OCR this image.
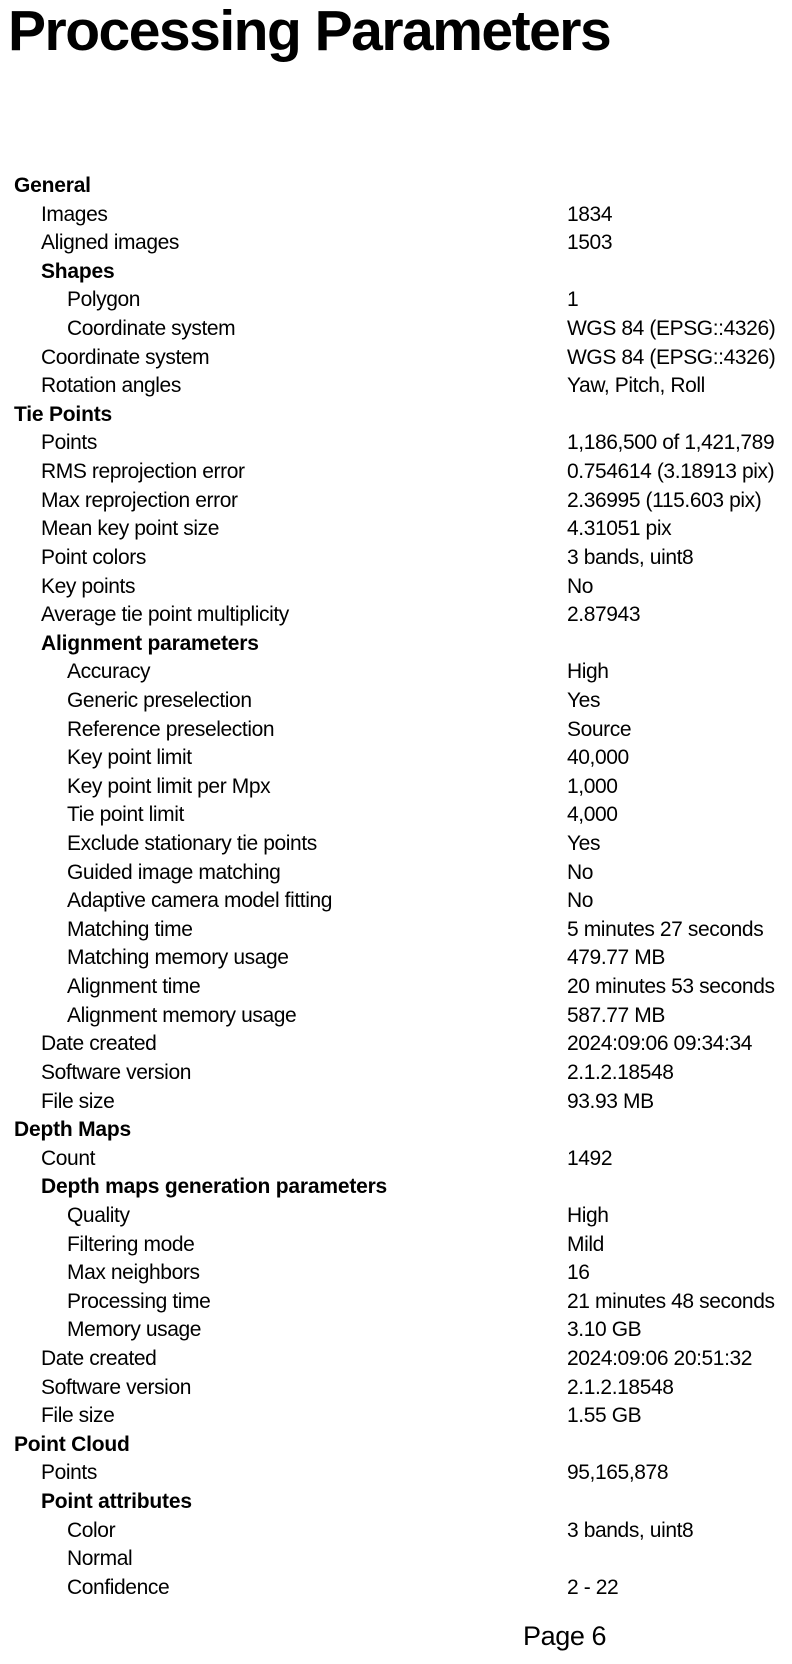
Processing Parameters
General
Images	1834
Aligned images	1503
Shapes
Polygon	1
Coordinate system	WGS 84 (EPSG::4326)
Coordinate system	WGS 84 (EPSG::4326)
Rotation angles	Yaw, Pitch, Roll
Tie Points
Points	1,186,500 of 1,421,789
RMS reprojection error	0.754614 (3.18913 pix)
Max reprojection error	2.36995 (115.603 pix)
Mean key point size	4.31051 pix
Point colors	3 bands, uint8
Key points	No
Average tie point multiplicity	2.87943
Alignment parameters
Accuracy	High
Generic preselection	Yes
Reference preselection	Source
Key point limit	40,000
Key point limit per Mpx	1,000
Tie point limit	4,000
Exclude stationary tie points	Yes
Guided image matching	No
Adaptive camera model fitting	No
Matching time	5 minutes 27 seconds
Matching memory usage	479.77 MB
Alignment time	20 minutes 53 seconds
Alignment memory usage	587.77 MB
Date created	2024:09:06 09:34:34
Software version	2.1.2.18548
File size	93.93 MB
Depth Maps
Count	1492
Depth maps generation parameters
Quality	High
Filtering mode	Mild
Max neighbors	16
Processing time	21 minutes 48 seconds
Memory usage	3.10 GB
Date created	2024:09:06 20:51:32
Software version	2.1.2.18548
File size	1.55 GB
Point Cloud
Points	95,165,878
Point attributes
Color	3 bands, uint8
Normal
Confidence	2 - 22
Page 6
